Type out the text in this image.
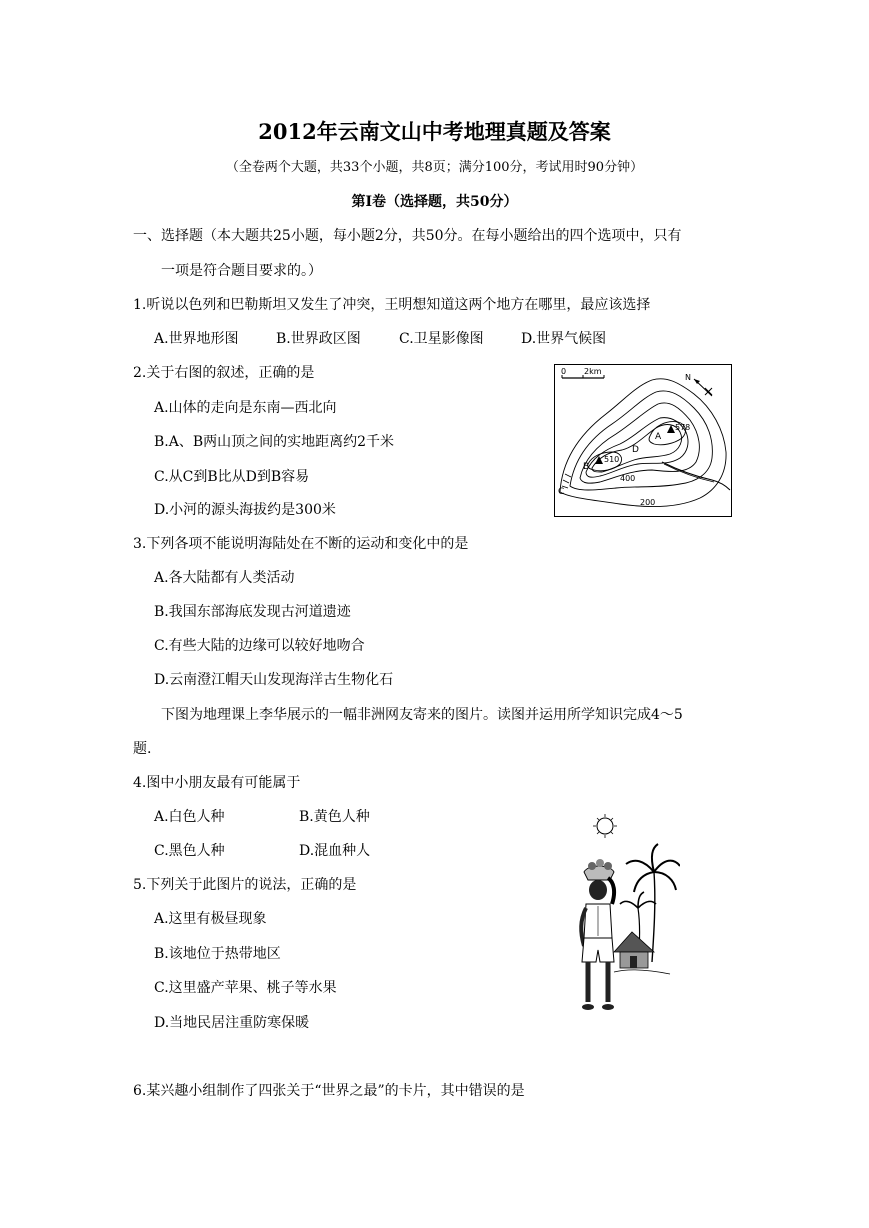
2012年云南文山中考地理真题及答案
（全卷两个大题，共33个小题，共8页；满分100分，考试用时90分钟）
第Ⅰ卷（选择题，共50分）
一、选择题（本大题共25小题，每小题2分，共50分。在每小题给出的四个选项中，只有
一项是符合题目要求的。）
1.听说以色列和巴勒斯坦又发生了冲突，王明想知道这两个地方在哪里，最应该选择
A.世界地形图	B.世界政区图	C.卫星影像图	D.世界气候图
2.关于右图的叙述，正确的是
A.山体的走向是东南—西北向
B.A、B两山顶之间的实地距离约2千米
C.从C到B比从D到B容易
D.小河的源头海拔约是300米
0 2km
N
A
578
B
510
C
D
400
200
3.下列各项不能说明海陆处在不断的运动和变化中的是
A.各大陆都有人类活动
B.我国东部海底发现古河道遗迹
C.有些大陆的边缘可以较好地吻合
D.云南澄江帽天山发现海洋古生物化石
下图为地理课上李华展示的一幅非洲网友寄来的图片。读图并运用所学知识完成4～5
题.
4.图中小朋友最有可能属于
A.白色人种	B.黄色人种
C.黑色人种	D.混血种人
5.下列关于此图片的说法，正确的是
A.这里有极昼现象
B.该地位于热带地区
C.这里盛产苹果、桃子等水果
D.当地民居注重防寒保暖
6.某兴趣小组制作了四张关于“世界之最”的卡片，其中错误的是
